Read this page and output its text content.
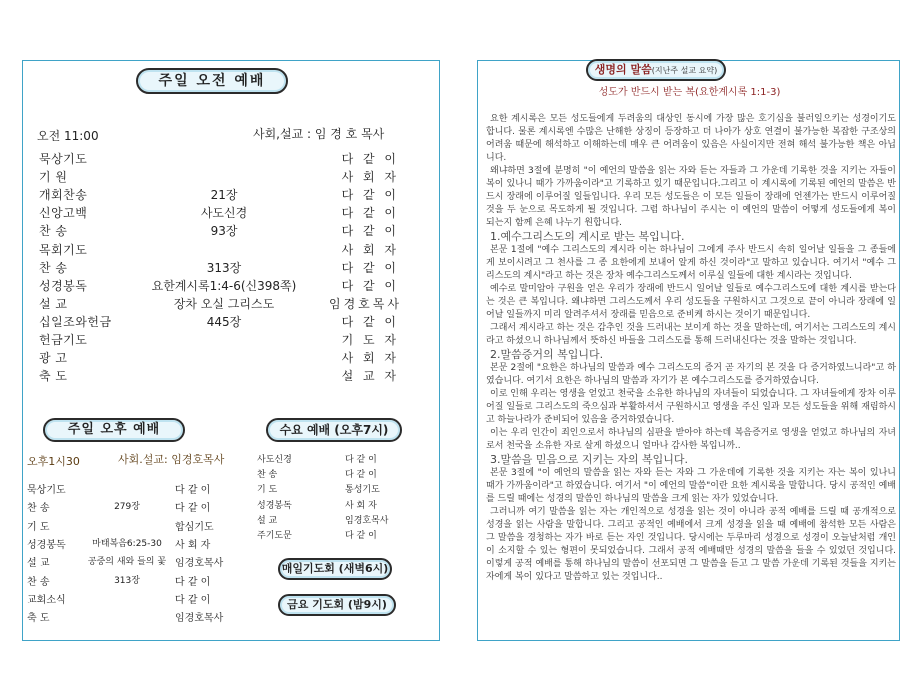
주일 오전 예배
오전 11:00	사회,설교 : 임 경 호 목사
묵상기도	다 같 이
기 원	사 회 자
개회찬송	21장	다 같 이
신앙고백	사도신경	다 같 이
찬 송	93장	다 같 이
목회기도	사 회 자
찬 송	313장	다 같 이
성경봉독	요한계시록1:4-6(신398쪽)	다 같 이
설 교	장차 오실 그리스도	임경호목사
십일조와헌금	445장	다 같 이
헌금기도	기 도 자
광 고	사 회 자
축 도	설 교 자
주일 오후 예배
오후1시30	사회.설교: 임경호목사
묵상기도	다 같 이
찬 송	279장	다 같 이
기 도	합심기도
성경봉독	마태복음6:25-30	사 회 자
설 교	공중의 새와 들의 꽃 임경호목사
찬 송	313장	다 같 이
교회소식	다 같 이
축 도	임경호목사
수요 예배 (오후7시)
사도신경	다 같 이
찬 송	다 같 이
기 도	통성기도
성경봉독	사 회 자
설 교	임경호목사
주기도문	다 같 이
매일기도회 (새벽6시)
금요 기도회 (밤9시)
생명의 말씀(지난주 설교 요약)
성도가 반드시 받는 복(요한계시록 1:1-3)

요한 계시록은 모든 성도들에게 두려움의 대상인 동시에 가장 많은 호기심을 불러일으키는 성경이기도 합니다. 물론 계시록엔 수많은 난해한 상징이 등장하고 더 나아가 상호 연결이 불가능한 복잡한 구조상의 어려움 때문에 해석하고 이해하는데 매우 큰 어려움이 있음은 사실이지만 전혀 해석 불가능한 책은 아닙니다.

왜냐하면 3절에 분명히 "이 예언의 말씀을 읽는 자와 듣는 자들과 그 가운데 기록한 것을 지키는 자들이 복이 있나니 때가 가까움이라"고 기록하고 있기 때문입니다.그리고 이 계시록에 기록된 예언의 말씀은 반드시 장래에 이루어질 일들입니다. 우리 모든 성도들은 이 모든 일들이 장래에 언젠가는 반드시 이루어질 것을 두 눈으로 목도하게 될 것입니다. 그럼 하나님이 주시는 이 예언의 말씀이 어떻게 성도들에게 복이 되는지 함께 은혜 나누기 원합니다.

1.예수그리스도의 계시로 받는 복입니다.

본문 1절에 "예수 그리스도의 계시라 이는 하나님이 그에게 주사 반드시 속히 일어날 일들을 그 종들에게 보이시려고 그 천사를 그 종 요한에게 보내어 알게 하신 것이라"고 말하고 있습니다. 여기서 "예수 그리스도의 계시"라고 하는 것은 장차 예수그리스도께서 이루실 일들에 대한 계시라는 것입니다.

예수로 말미암아 구원을 얻은 우리가 장래에 반드시 일어날 일들로 예수그리스도에 대한 계시를 받는다는 것은 큰 복입니다. 왜냐하면 그리스도께서 우리 성도들을 구원하시고 그것으로 끝이 아니라 장래에 일어날 일들까지 미리 알려주셔서 장래를 믿음으로 준비케 하시는 것이기 때문입니다.

그래서 계시라고 하는 것은 감추인 것을 드러내는 보이게 하는 것을 말하는데, 여기서는 그리스도의 계시라고 하셨으니 하나님께서 뜻하신 바들을 그리스도를 통해 드러내신다는 것을 말하는 것입니다.

2.말씀증거의 복입니다.

본문 2절에 "요한은 하나님의 말씀과 예수 그리스도의 증거 곧 자기의 본 것을 다 증거하였느니라"고 하였습니다. 여기서 요한은 하나님의 말씀과 자기가 본 예수그리스도를 증거하였습니다.

이로 인해 우리는 영생을 얻었고 천국을 소유한 하나님의 자녀들이 되었습니다. 그 자녀들에게 장차 이루어질 일들로 그리스도의 죽으심과 부활하셔서 구원하시고 영생을 주신 일과 모든 성도들을 위해 재림하시고 하늘나라가 준비되어 있음을 증거하였습니다.

이는 우리 인간이 죄인으로서 하나님의 심판을 받아야 하는데 복음증거로 영생을 얻었고 하나님의 자녀로서 천국을 소유한 자로 살게 하셨으니 얼마나 감사한 복입니까..

3.말씀을 믿음으로 지키는 자의 복입니다.

본문 3절에 "이 예언의 말씀을 읽는 자와 듣는 자와 그 가운데에 기록한 것을 지키는 자는 복이 있나니 때가 가까움이라"고 하였습니다. 여기서 "이 예언의 말씀"이란 요한 계시록을 말합니다. 당시 공적인 예배를 드릴 때에는 성경의 말씀인 하나님의 말씀을 크게 읽는 자가 있었습니다.

그러니까 여기 말씀을 읽는 자는 개인적으로 성경을 읽는 것이 아니라 공적 예배를 드릴 때 공개적으로 성경을 읽는 사람을 말합니다. 그리고 공적인 예배에서 크게 성경을 읽을 때 예배에 참석한 모든 사람은 그 말씀을 경청하는 자가 바로 듣는 자인 것입니다. 당시에는 두루마리 성경으로 성경이 오늘날처럼 개인이 소지할 수 있는 형편이 못되었습니다. 그래서 공적 예배때만 성경의 말씀을 들을 수 있었던 것입니다. 이렇게 공적 예배를 통해 하나님의 말씀이 선포되면 그 말씀을 듣고 그 말씀 가운데 기록된 것들을 지키는 자에게 복이 있다고 말씀하고 있는 것입니다..
